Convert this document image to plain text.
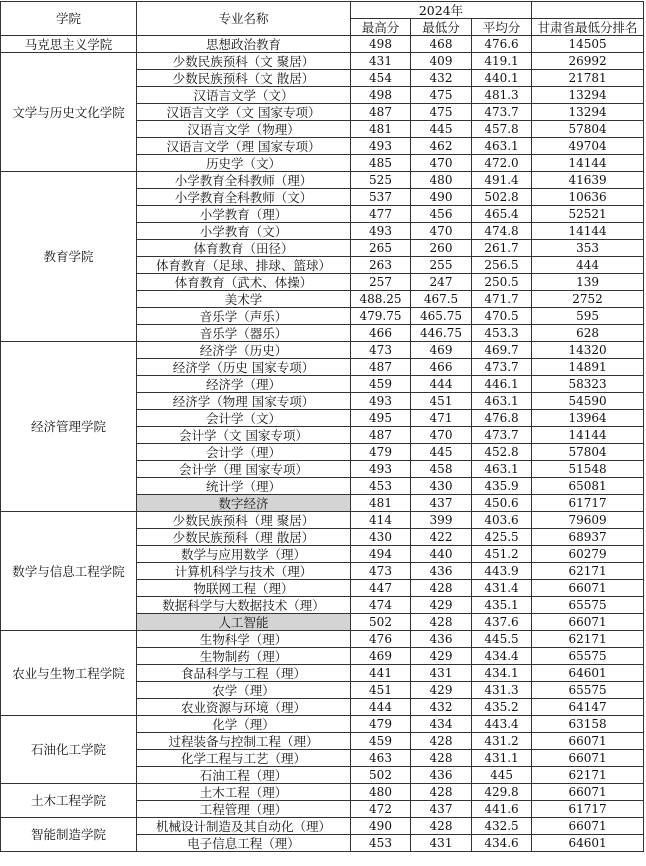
学院	专业名称	2024年			
		最高分	最低分	平均分	甘肃省最低分排名
马克思主义学院	思想政治教育	498	468	476.6	14505
文学与历史文化学院	少数民族预科（文 聚居）	431	409	419.1	26992
	少数民族预科（文 散居）	454	432	440.1	21781
	汉语言文学（文）	498	475	481.3	13294
	汉语言文学（文 国家专项）	487	475	473.7	13294
	汉语言文学（物理）	481	445	457.8	57804
	汉语言文学（理 国家专项）	493	462	463.1	49704
	历史学（文）	485	470	472.0	14144
教育学院	小学教育全科教师（理）	525	480	491.4	41639
	小学教育全科教师（文）	537	490	502.8	10636
	小学教育（理）	477	456	465.4	52521
	小学教育（文）	493	470	474.8	14144
	体育教育（田径）	265	260	261.7	353
	体育教育（足球、排球、篮球）	263	255	256.5	444
	体育教育（武术、体操）	257	247	250.5	139
	美术学	488.25	467.5	471.7	2752
	音乐学（声乐）	479.75	465.75	470.5	595
	音乐学（器乐）	466	446.75	453.3	628
经济管理学院	经济学（历史）	473	469	469.7	14320
	经济学（历史 国家专项）	487	466	473.7	14891
	经济学（理）	459	444	446.1	58323
	经济学（物理 国家专项）	493	451	463.1	54590
	会计学（文）	495	471	476.8	13964
	会计学（文 国家专项）	487	470	473.7	14144
	会计学（理）	479	445	452.8	57804
	会计学（理 国家专项）	493	458	463.1	51548
	统计学（理）	453	430	435.9	65081
	数字经济	481	437	450.6	61717
数学与信息工程学院	少数民族预科（理 聚居）	414	399	403.6	79609
	少数民族预科（理 散居）	430	422	425.5	68937
	数学与应用数学（理）	494	440	451.2	60279
	计算机科学与技术（理）	473	436	443.9	62171
	物联网工程（理）	447	428	431.4	66071
	数据科学与大数据技术（理）	474	429	435.1	65575
	人工智能	502	428	437.6	66071
农业与生物工程学院	生物科学（理）	476	436	445.5	62171
	生物制药（理）	469	429	434.4	65575
	食品科学与工程（理）	441	431	434.1	64601
	农学（理）	451	429	431.3	65575
	农业资源与环境（理）	444	432	435.2	64147
石油化工学院	化学（理）	479	434	443.4	63158
	过程装备与控制工程（理）	459	428	431.2	66071
	化学工程与工艺（理）	463	428	431.1	66071
	石油工程（理）	502	436	445	62171
土木工程学院	土木工程（理）	480	428	429.8	66071
	工程管理（理）	472	437	441.6	61717
智能制造学院	机械设计制造及其自动化（理）	490	428	432.5	66071
	电子信息工程（理）	453	431	434.6	64601
